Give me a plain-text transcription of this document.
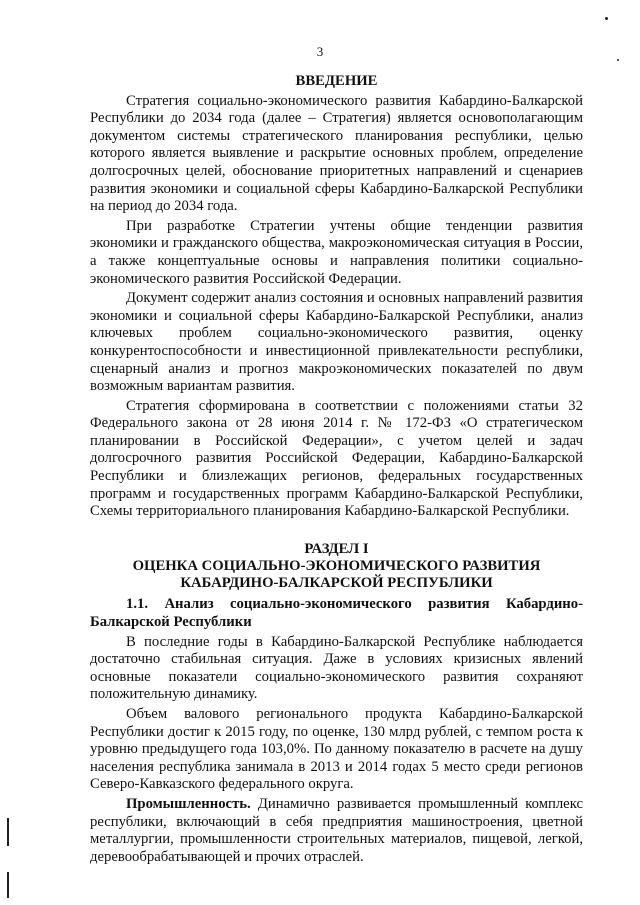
3
ВВЕДЕНИЕ

Стратегия социально-экономического развития Кабардино-Балкарской Республики до 2034 года (далее – Стратегия) является основополагающим документом системы стратегического планирования республики, целью которого является выявление и раскрытие основных проблем, определение долгосрочных целей, обоснование приоритетных направлений и сценариев развития экономики и социальной сферы Кабардино-Балкарской Республики на период до 2034 года.

При разработке Стратегии учтены общие тенденции развития экономики и гражданского общества, макроэкономическая ситуация в России, а также концептуальные основы и направления политики социально-экономического развития Российской Федерации.

Документ содержит анализ состояния и основных направлений развития экономики и социальной сферы Кабардино-Балкарской Республики, анализ ключевых проблем социально-экономического развития, оценку конкурентоспособности и инвестиционной привлекательности республики, сценарный анализ и прогноз макроэкономических показателей по двум возможным вариантам развития.

Стратегия сформирована в соответствии с положениями статьи 32 Федерального закона от 28 июня 2014 г. № 172-ФЗ «О стратегическом планировании в Российской Федерации», с учетом целей и задач долгосрочного развития Российской Федерации, Кабардино-Балкарской Республики и близлежащих регионов, федеральных государственных программ и государственных программ Кабардино-Балкарской Республики, Схемы территориального планирования Кабардино-Балкарской Республики.

РАЗДЕЛ I
ОЦЕНКА СОЦИАЛЬНО-ЭКОНОМИЧЕСКОГО РАЗВИТИЯ
КАБАРДИНО-БАЛКАРСКОЙ РЕСПУБЛИКИ
1.1. Анализ социально-экономического развития Кабардино-Балкарской Республики

В последние годы в Кабардино-Балкарской Республике наблюдается достаточно стабильная ситуация. Даже в условиях кризисных явлений основные показатели социально-экономического развития сохраняют положительную динамику.

Объем валового регионального продукта Кабардино-Балкарской Республики достиг к 2015 году, по оценке, 130 млрд рублей, с темпом роста к уровню предыдущего года 103,0%. По данному показателю в расчете на душу населения республика занимала в 2013 и 2014 годах 5 место среди регионов Северо-Кавказского федерального округа.

Промышленность. Динамично развивается промышленный комплекс республики, включающий в себя предприятия машиностроения, цветной металлургии, промышленности строительных материалов, пищевой, легкой, деревообрабатывающей и прочих отраслей.
